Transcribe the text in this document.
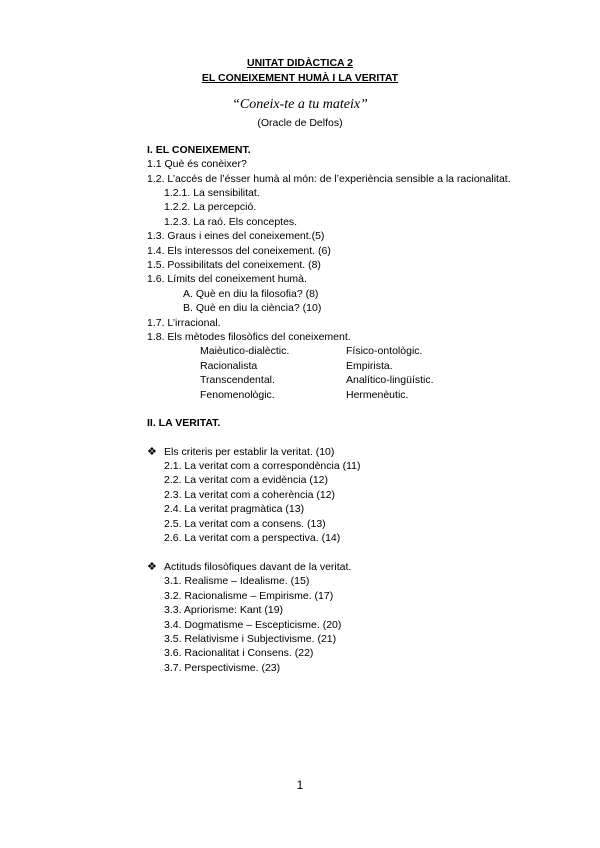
UNITAT DIDÀCTICA 2
EL CONEIXEMENT HUMÀ I LA VERITAT
“Coneix-te a tu mateix”
(Oracle de Delfos)
I. EL CONEIXEMENT.
1.1 Què és conèixer?
1.2. L’accés de l’ésser humà al món: de l’experiència sensible a la racionalitat.
1.2.1. La sensibilitat.
1.2.2. La percepció.
1.2.3. La raó. Els conceptes.
1.3. Graus i eines del coneixement.(5)
1.4. Els interessos del coneixement. (6)
1.5. Possibilitats del coneixement. (8)
1.6. Límits del coneixement humà.
A. Què en diu la filosofia? (8)
B. Què en diu la ciència? (10)
1.7. L’irracional.
1.8. Els mètodes filosòfics del coneixement.
Maièutico-dialèctic.	Físico-ontològic.
Racionalista	Empirista.
Transcendental.	Analítico-lingüístic.
Fenomenològic.	Hermenèutic.
II. LA VERITAT.
❖ Els criteris per establir la veritat. (10)
2.1. La veritat com a correspondència (11)
2.2. La veritat com a evidència (12)
2.3. La veritat com a coherència (12)
2.4. La veritat pragmàtica (13)
2.5. La veritat com a consens. (13)
2.6. La veritat com a perspectiva. (14)
❖ Actituds filosòfiques davant de la veritat.
3.1. Realisme – Idealisme. (15)
3.2. Racionalisme – Empirisme. (17)
3.3. Apriorisme: Kant (19)
3.4. Dogmatisme – Escepticisme. (20)
3.5. Relativisme i Subjectivisme. (21)
3.6. Racionalitat i Consens. (22)
3.7. Perspectivisme. (23)
1
